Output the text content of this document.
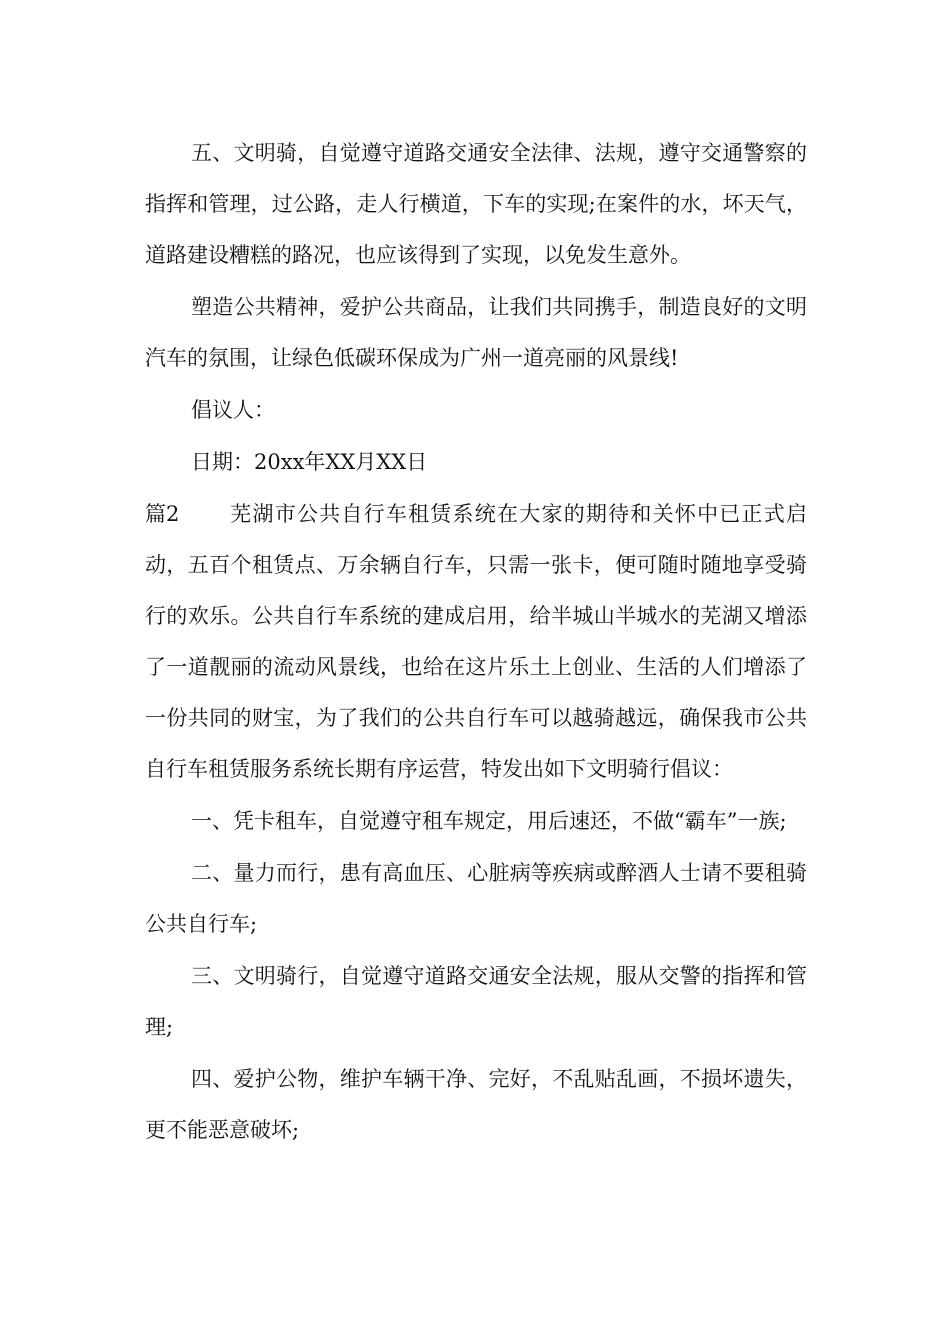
五、文明骑，自觉遵守道路交通安全法律、法规，遵守交通警察的指挥和管理，过公路，走人行横道，下车的实现;在案件的水，坏天气，道路建设糟糕的路况，也应该得到了实现，以免发生意外。

塑造公共精神，爱护公共商品，让我们共同携手，制造良好的文明汽车的氛围，让绿色低碳环保成为广州一道亮丽的风景线!

倡议人：

日期：20xx年XX月XX日

篇2 芜湖市公共自行车租赁系统在大家的期待和关怀中已正式启动，五百个租赁点、万余辆自行车，只需一张卡，便可随时随地享受骑行的欢乐。公共自行车系统的建成启用，给半城山半城水的芜湖又增添了一道靓丽的流动风景线，也给在这片乐土上创业、生活的人们增添了一份共同的财宝，为了我们的公共自行车可以越骑越远，确保我市公共自行车租赁服务系统长期有序运营，特发出如下文明骑行倡议：

一、凭卡租车，自觉遵守租车规定，用后速还，不做“霸车”一族;

二、量力而行，患有高血压、心脏病等疾病或醉酒人士请不要租骑公共自行车;

三、文明骑行，自觉遵守道路交通安全法规，服从交警的指挥和管理;

四、爱护公物，维护车辆干净、完好，不乱贴乱画，不损坏遗失，更不能恶意破坏;
